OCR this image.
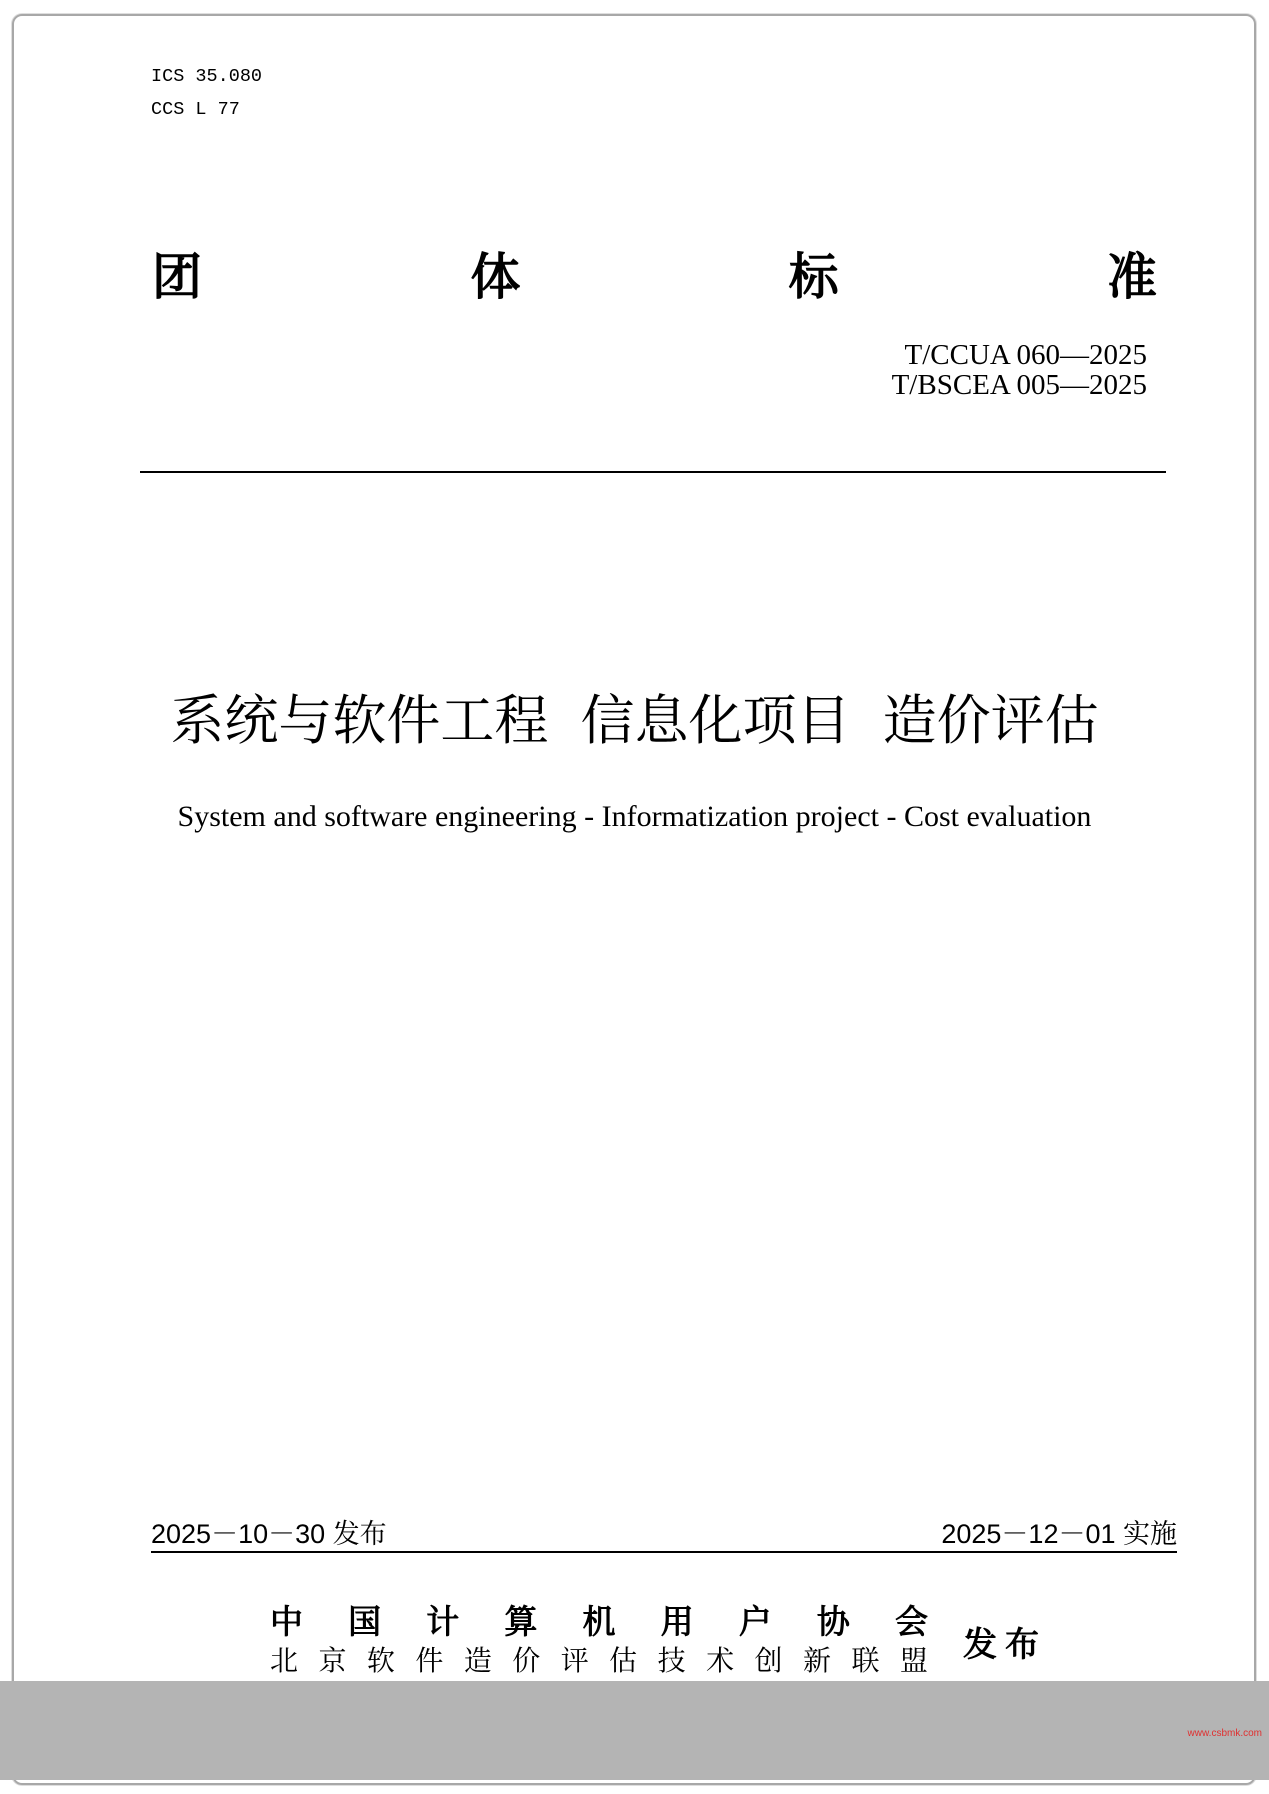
ICS 35.080
CCS L 77
团	体	标	准
T/CCUA 060—2025
T/BSCEA 005—2025
系统与软件工程 信息化项目 造价评估
System and software engineering - Informatization project - Cost evaluation
2025－10－30 发布	2025－12－01 实施
中 国 计 算 机 用 户 协 会
北 京 软 件 造 价 评 估 技 术 创 新 联 盟 发布
www.csbmk.com
